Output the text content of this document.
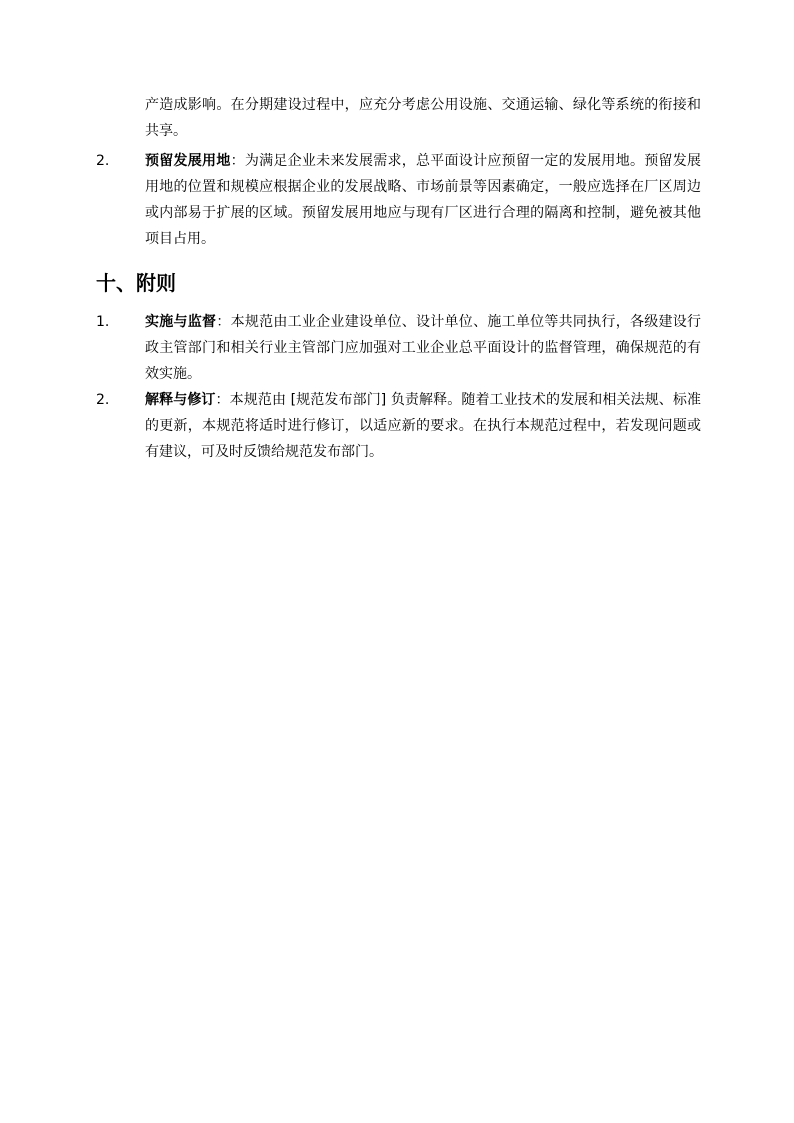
产造成影响。在分期建设过程中，应充分考虑公用设施、交通运输、绿化等系统的衔接和共享。
2.	预留发展用地：为满足企业未来发展需求，总平面设计应预留一定的发展用地。预留发展用地的位置和规模应根据企业的发展战略、市场前景等因素确定，一般应选择在厂区周边或内部易于扩展的区域。预留发展用地应与现有厂区进行合理的隔离和控制，避免被其他项目占用。
十、附则
1.	实施与监督：本规范由工业企业建设单位、设计单位、施工单位等共同执行，各级建设行政主管部门和相关行业主管部门应加强对工业企业总平面设计的监督管理，确保规范的有效实施。
2.	解释与修订：本规范由 [规范发布部门] 负责解释。随着工业技术的发展和相关法规、标准的更新，本规范将适时进行修订，以适应新的要求。在执行本规范过程中，若发现问题或有建议，可及时反馈给规范发布部门。
